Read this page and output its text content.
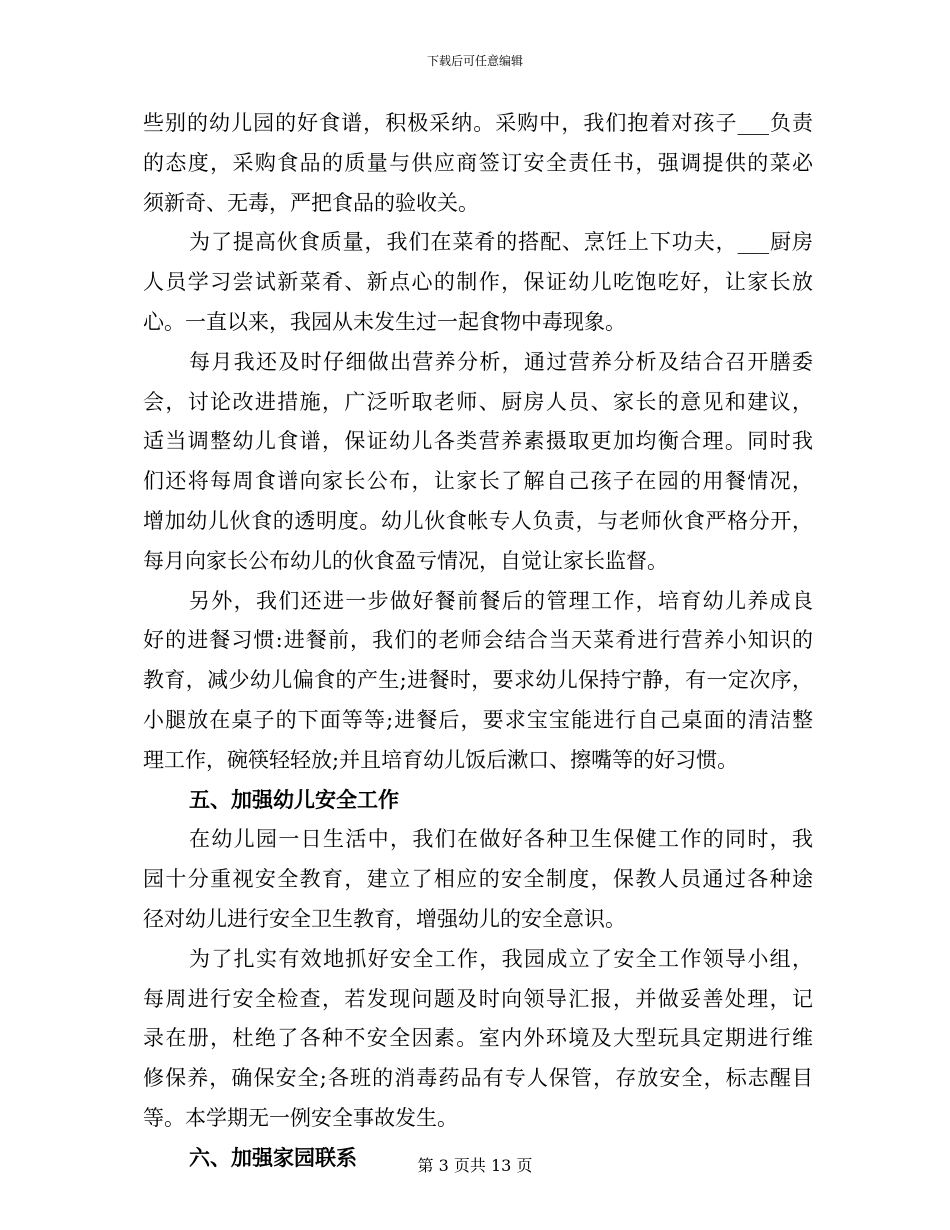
下载后可任意编辑
些别的幼儿园的好食谱，积极采纳。采购中，我们抱着对孩子___负责
的态度，采购食品的质量与供应商签订安全责任书，强调提供的菜必
须新奇、无毒，严把食品的验收关。
为了提高伙食质量，我们在菜肴的搭配、烹饪上下功夫，___厨房
人员学习尝试新菜肴、新点心的制作，保证幼儿吃饱吃好，让家长放
心。一直以来，我园从未发生过一起食物中毒现象。
每月我还及时仔细做出营养分析，通过营养分析及结合召开膳委
会，讨论改进措施，广泛听取老师、厨房人员、家长的意见和建议，
适当调整幼儿食谱，保证幼儿各类营养素摄取更加均衡合理。同时我
们还将每周食谱向家长公布，让家长了解自己孩子在园的用餐情况，
增加幼儿伙食的透明度。幼儿伙食帐专人负责，与老师伙食严格分开，
每月向家长公布幼儿的伙食盈亏情况，自觉让家长监督。
另外，我们还进一步做好餐前餐后的管理工作，培育幼儿养成良
好的进餐习惯:进餐前，我们的老师会结合当天菜肴进行营养小知识的
教育，减少幼儿偏食的产生;进餐时，要求幼儿保持宁静，有一定次序，
小腿放在桌子的下面等等;进餐后，要求宝宝能进行自己桌面的清洁整
理工作，碗筷轻轻放;并且培育幼儿饭后漱口、擦嘴等的好习惯。
五、加强幼儿安全工作
在幼儿园一日生活中，我们在做好各种卫生保健工作的同时，我
园十分重视安全教育，建立了相应的安全制度，保教人员通过各种途
径对幼儿进行安全卫生教育，增强幼儿的安全意识。
为了扎实有效地抓好安全工作，我园成立了安全工作领导小组，
每周进行安全检查，若发现问题及时向领导汇报，并做妥善处理，记
录在册，杜绝了各种不安全因素。室内外环境及大型玩具定期进行维
修保养，确保安全;各班的消毒药品有专人保管，存放安全，标志醒目
等。本学期无一例安全事故发生。
六、加强家园联系	第 3 页共 13 页
